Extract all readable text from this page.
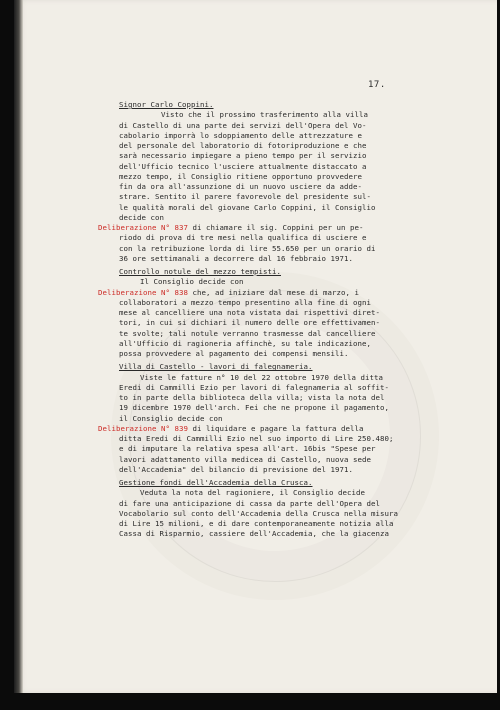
17.
Signor Carlo Coppini.
Visto che il prossimo trasferimento alla villa
di Castello di una parte dei servizi dell'Opera del Vo-
cabolario imporrà lo sdoppiamento delle attrezzature e
del personale del laboratorio di fotoriproduzione e che
sarà necessario impiegare a pieno tempo per il servizio
dell'Ufficio tecnico l'usciere attualmente distaccato a
mezzo tempo, il Consiglio ritiene opportuno provvedere
fin da ora all'assunzione di un nuovo usciere da adde-
strare. Sentito il parere favorevole del presidente sul-
le qualità morali del giovane Carlo Coppini, il Consiglio
decide con
Deliberazione N° 837 di chiamare il sig. Coppini per un pe-
riodo di prova di tre mesi nella qualifica di usciere e
con la retribuzione lorda di lire 55.650 per un orario di
36 ore settimanali a decorrere dal 16 febbraio 1971.
Controllo notule del mezzo tempisti.
Il Consiglio decide con
Deliberazione N° 838 che, ad iniziare dal mese di marzo, i
collaboratori a mezzo tempo presentino alla fine di ogni
mese al cancelliere una nota vistata dai rispettivi diret-
tori, in cui si dichiari il numero delle ore effettivamen-
te svolte; tali notule verranno trasmesse dal cancelliere
all'Ufficio di ragioneria affinchè, su tale indicazione,
possa provvedere al pagamento dei compensi mensili.
Villa di Castello - lavori di falegnameria.
Viste le fatture n° 10 del 22 ottobre 1970 della ditta
Eredi di Cammilli Ezio per lavori di falegnameria al soffit-
to in parte della biblioteca della villa; vista la nota del
19 dicembre 1970 dell'arch. Fei che ne propone il pagamento,
il Consiglio decide con
Deliberazione N° 839 di liquidare e pagare la fattura della
ditta Eredi di Cammilli Ezio nel suo importo di Lire 250.480;
e di imputare la relativa spesa all'art. 16bis "Spese per
lavori adattamento villa medicea di Castello, nuova sede
dell'Accademia" del bilancio di previsione del 1971.
Gestione fondi dell'Accademia della Crusca.
Veduta la nota del ragioniere, il Consiglio decide
di fare una anticipazione di cassa da parte dell'Opera del
Vocabolario sul conto dell'Accademia della Crusca nella misura
di Lire 15 milioni, e di dare contemporaneamente notizia alla
Cassa di Risparmio, cassiere dell'Accademia, che la giacenza
